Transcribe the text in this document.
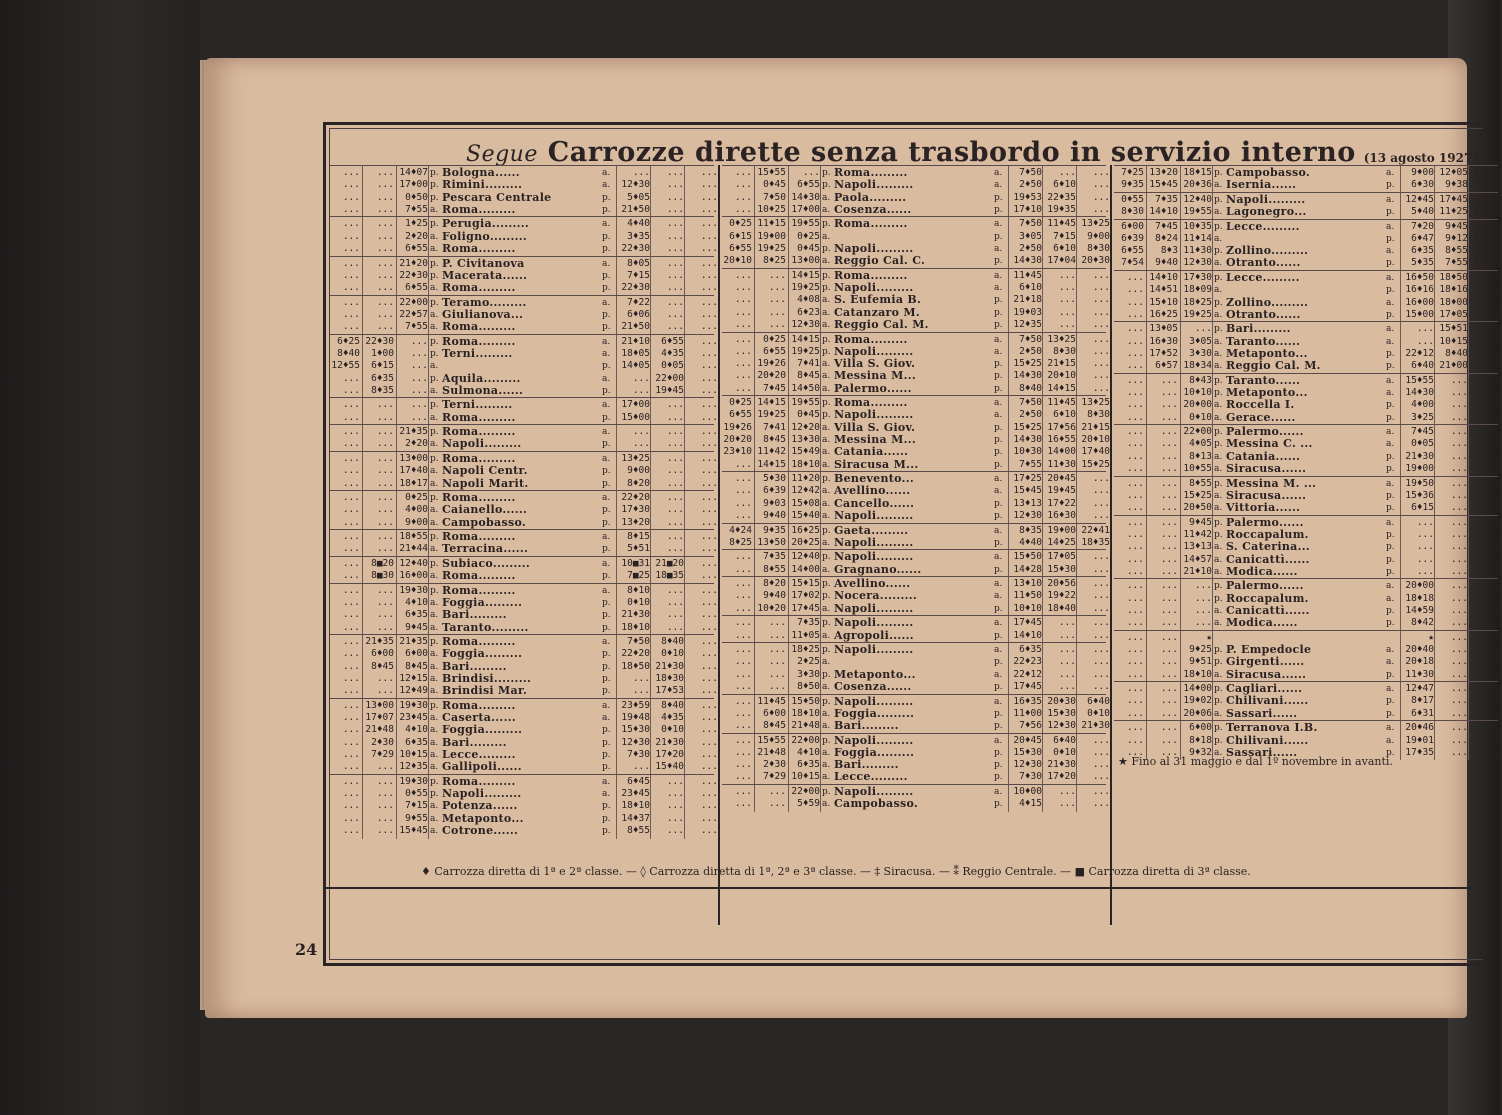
Segue Carrozze dirette senza trasbordo in servizio interno (13 agosto 1927)
...	... 14♦07 p. Bologna......	a.	...	...	...
...	... 17♦00 p. Rimini.........	a. 12♦30	...	...
...	...	0♦50 p. Pescara Centrale	p.	5♦05	...	...
...	...	7♦55 a. Roma.........	p. 21♦50	...	...
...	...	1♦25 p. Perugia.........	a.	4♦40	...	...
...	...	2♦20 a. Foligno.........	p.	3♦35	...	...
...	...	6♦55 a. Roma.........	p. 22♦30	...	...
...	... 21♦20 p. P. Civitanova	a.	8♦05	...	...
...	... 22♦30 p. Macerata......	p.	7♦15	...	...
...	...	6♦55 a. Roma.........	p. 22♦30	...	...
...	... 22♦00 p. Teramo.........	a.	7♦22	...	...
...	... 22♦57 a. Giulianova...	p.	6♦06	...	...
...	...	7♦55 a. Roma.........	p. 21♦50	...	...
6♦25 22♦30	... p. Roma.........	a. 21♦10	6♦55	...
8♦40	1♦00	... p. Terni.........	a. 18♦05	4♦35	...
12♦55	6♦15	... a.	p. 14♦05	0♦05	...
...	6♦35	... p. Aquila.........	a.	... 22♦00	...
...	8♦35	... a. Sulmona......	p.	... 19♦45	...
...	...	... p. Terni.........	a. 17♦00	...	...
...	...	... a. Roma.........	p. 15♦00	...	...
...	... 21♦35 p. Roma.........	a.	...	...	...
...	...	2♦20 a. Napoli.........	p.	...	...	...
...	... 13♦00 p. Roma.........	a. 13♦25	...	...
...	... 17♦40 a. Napoli Centr.	p.	9♦00	...	...
...	... 18♦17 a. Napoli Marit.	p.	8♦20	...	...
...	...	0♦25 p. Roma.........	a. 22♦20	...	...
...	...	4♦00 a. Caianello......	p. 17♦30	...	...
...	...	9♦00 a. Campobasso.	p. 13♦20	...	...
...	... 18♦55 p. Roma.........	a.	8♦15	...	...
...	... 21♦44 a. Terracina......	p.	5♦51	...	...
...	8■20 12♦40 p. Subiaco.........	a. 10■31 21■20	...
...	8■30 16♦00 a. Roma.........	p.	7■25 18■35	...
...	... 19♦30 p. Roma.........	a.	8♦10	...	...
...	...	4♦10 a. Foggia.........	p.	0♦10	...	...
...	...	6♦35 a. Bari.........	p. 21♦30	...	...
...	...	9♦45 a. Taranto.........	p. 18♦10	...	...
... 21♦35 21♦35 p. Roma.........	a.	7♦50	8♦40	...
...	6♦00	6♦00 a. Foggia.........	p. 22♦20	0♦10	...
...	8♦45	8♦45 a. Bari.........	p. 18♦50 21♦30	...
...	... 12♦15 a. Brindisi.........	p.	... 18♦30	...
...	... 12♦49 a. Brindisi Mar.	p.	... 17♦53	...
... 13♦00 19♦30 p. Roma.........	a. 23♦59	8♦40	...
... 17♦07 23♦45 a. Caserta......	a. 19♦48	4♦35	...
... 21♦48	4♦10 a. Foggia.........	p. 15♦30	0♦10	...
...	2♦30	6♦35 a. Bari.........	p. 12♦30 21♦30	...
...	7♦29 10♦15 a. Lecce.........	p.	7♦30 17♦20	...
...	... 12♦35 a. Gallipoli......	p.	... 15♦40	...
...	... 19♦30 p. Roma.........	a.	6♦45	...	...
...	...	0♦55 p. Napoli.........	a. 23♦45	...	...
...	...	7♦15 a. Potenza......	p. 18♦10	...	...
...	...	9♦55 a. Metaponto...	p. 14♦37	...	...
...	... 15♦45 a. Cotrone......	p.	8♦55	...	...
... 15♦55	... p. Roma.........	a.	7♦50	...	...
...	0♦45	6♦55 p. Napoli.........	a.	2♦50	6♦10	...
...	7♦50 14♦30 a. Paola.........	p. 19♦53 22♦35	...
... 10♦25 17♦00 a. Cosenza......	p. 17♦10 19♦35	...
0♦25 11♦15 19♦55 p. Roma.........	a.	7♦50 11♦45 13♦25
6♦15 19♦00	0♦25 a.	p.	3♦05	7♦15	9♦00
6♦55 19♦25	0♦45 p. Napoli.........	a.	2♦50	6♦10	8♦30
20♦10	8♦25 13♦00 a. Reggio Cal. C.	p. 14♦30 17♦04 20♦30
...	... 14♦15 p. Roma.........	a. 11♦45	...	...
...	... 19♦25 p. Napoli.........	a.	6♦10	...	...
...	...	4♦08 a. S. Eufemia B.	p. 21♦18	...	...
...	...	6♦23 a. Catanzaro M.	p. 19♦03	...	...
...	... 12♦30 a. Reggio Cal. M.	p. 12♦35	...	...
...	0♦25 14♦15 p. Roma.........	a.	7♦50 13♦25	...
...	6♦55 19♦25 p. Napoli.........	a.	2♦50	8♦30	...
... 19♦26	7♦41 a. Villa S. Giov.	p. 15♦25 21♦15	...
... 20♦20	8♦45 a. Messina M...	p. 14♦30 20♦10	...
...	7♦45 14♦50 a. Palermo......	p.	8♦40 14♦15	...
0♦25 14♦15 19♦55 p. Roma.........	a.	7♦50 11♦45 13♦25
6♦55 19♦25	0♦45 p. Napoli.........	a.	2♦50	6♦10	8♦30
19♦26	7♦41 12♦20 a. Villa S. Giov.	p. 15♦25 17♦56 21♦15
20♦20	8♦45 13♦30 a. Messina M...	p. 14♦30 16♦55 20♦10
23♦10 11♦42 15♦49 a. Catania......	p. 10♦30 14♦00 17♦40
... 14♦15 18♦10 a. Siracusa M...	p.	7♦55 11♦30 15♦25
...	5♦30 11♦20 p. Benevento...	a. 17♦25 20♦45	...
...	6♦39 12♦42 a. Avellino......	a. 15♦45 19♦45	...
...	9♦03 15♦08 a. Cancello......	p. 13♦13 17♦22	...
...	9♦40 15♦40 a. Napoli.........	p. 12♦30 16♦30	...
4♦24	9♦35 16♦25 p. Gaeta.........	a.	8♦35 19♦00 22♦41
8♦25 13♦50 20♦25 a. Napoli.........	p.	4♦40 14♦25 18♦35
...	7♦35 12♦40 p. Napoli.........	a. 15♦50 17♦05	...
...	8♦55 14♦00 a. Gragnano......	p. 14♦28 15♦30	...
...	8♦20 15♦15 p. Avellino......	a. 13♦10 20♦56	...
...	9♦40 17♦02 p. Nocera.........	a. 11♦50 19♦22	...
... 10♦20 17♦45 a. Napoli.........	p. 10♦10 18♦40	...
...	...	7♦35 p. Napoli.........	a. 17♦45	...	...
...	... 11♦05 a. Agropoli......	p. 14♦10	...	...
...	... 18♦25 p. Napoli.........	a.	6♦35	...	...
...	...	2♦25 a.	p. 22♦23	...	...
...	...	3♦30 p. Metaponto...	a. 22♦12	...	...
...	...	8♦50 a. Cosenza......	p. 17♦45	...	...
... 11♦45 15♦50 p. Napoli.........	a. 16♦35 20♦30	6♦40
...	6♦00 18♦10 a. Foggia.........	p. 11♦00 15♦30	0♦10
...	8♦45 21♦48 a. Bari.........	p.	7♦56 12♦30 21♦30
... 15♦55 22♦00 p. Napoli.........	a. 20♦45	6♦40	...
... 21♦48	4♦10 a. Foggia.........	p. 15♦30	0♦10	...
...	2♦30	6♦35 a. Bari.........	p. 12♦30 21♦30	...
...	7♦29 10♦15 a. Lecce.........	p.	7♦30 17♦20	...
...	... 22♦00 p. Napoli.........	a. 10♦00	...	...
...	...	5♦59 a. Campobasso.	p.	4♦15	...	...
7♦25 13♦20 18♦15 p. Campobasso.	a.	9♦00 12♦05 17♦25
9♦35 15♦45 20♦36 a. Isernia......	p.	6♦30	9♦38 14♦48
0♦55	7♦35 12♦40 p. Napoli.........	a. 12♦45 17♦45 23♦45
8♦30 14♦10 19♦55 a. Lagonegro...	p.	5♦40 11♦25 17♦00
6♦00	7♦45 10♦35 p. Lecce.........	a.	7♦20	9♦45 14♦30
6♦39	8♦24 11♦14 a.	p.	6♦47	9♦12 13♦55
6♦55	8♦3 11♦30 p. Zollino.........	a.	6♦35	8♦55 13♦40
7♦54	9♦40 12♦30 a. Otranto......	p.	5♦35	7♦55 12♦40
... 14♦10 17♦30 p. Lecce.........	a. 16♦50 18♦50	...
... 14♦51 18♦09 a.	p. 16♦16 18♦16	...
... 15♦10 18♦25 p. Zollino.........	a. 16♦00 18♦00	...
... 16♦25 19♦25 a. Otranto......	p. 15♦00 17♦05	...
... 13♦05	... p. Bari.........	a.	... 15♦51	...
... 16♦30	3♦05 a. Taranto......	a.	... 10♦15	...
... 17♦52	3♦30 a. Metaponto...	p. 22♦12	8♦40	...
...	6♦57 18♦34 a. Reggio Cal. M.	p.	6♦40 21♦00	...
...	...	8♦43 p. Taranto......	a. 15♦55	...	...
...	... 10♦10 p. Metaponto...	a. 14♦30	...	...
...	... 20♦00 a. Roccella I.	p.	4♦00	...	...
...	...	0♦10 a. Gerace......	p.	3♦25	...	...
...	... 22♦00 p. Palermo......	a.	7♦45	...	...
...	...	4♦05 p. Messina C. ...	a.	0♦05	...	...
...	...	8♦13 a. Catania......	p. 21♦30	...	...
...	... 10♦55 a. Siracusa......	p. 19♦00	...	...
...	...	8♦55 p. Messina M. ...	a. 19♦50	...	...
...	... 15♦25 a. Siracusa......	p. 15♦36	...	...
...	... 20♦50 a. Vittoria......	p.	6♦15	...	...
...	...	9♦45 p. Palermo......	a.	...	...	...
...	... 11♦42 p. Roccapalum.	p.	...	...	...
...	... 13♦13 a. S. Caterina...	p.	...	...	...
...	... 14♦57 a. Canicattì......	p.	...	...	...
...	... 21♦10 a. Modica......	p.	...	...	...
...	...	... p. Palermo......	a. 20♦00	...	...
...	...	... p. Roccapalum.	a. 18♦18	...	...
...	...	... a. Canicattì......	p. 14♦59	...	...
...	...	... a. Modica......	p.	8♦42	...	...
...	...	★	★	...	...
...	...	9♦25 p. P. Empedocle	a. 20♦40	...	...
...	...	9♦51 p. Girgenti......	a. 20♦18	...	...
...	... 18♦10 a. Siracusa......	p. 11♦30	...	...
...	... 14♦00 p. Cagliari......	a. 12♦47	...	...
...	... 19♦02 p. Chilivani......	p.	8♦17	...	...
...	... 20♦06 a. Sassari......	p.	6♦31	...	...
...	...	6♦00 p. Terranova I.B.	a. 20♦46	...	...
...	...	8♦18 p. Chilivani......	a. 19♦01	...	...
...	...	9♦32 a. Sassari......	p. 17♦35	...	...
★ Fino al 31 maggio e dal 1º novembre in avanti.
♦ Carrozza diretta di 1ª e 2ª classe. — ◊ Carrozza diretta di 1ª, 2ª e 3ª classe. — ‡ Siracusa. — ⁑ Reggio Centrale. — ■ Carrozza diretta di 3ª classe.
24
